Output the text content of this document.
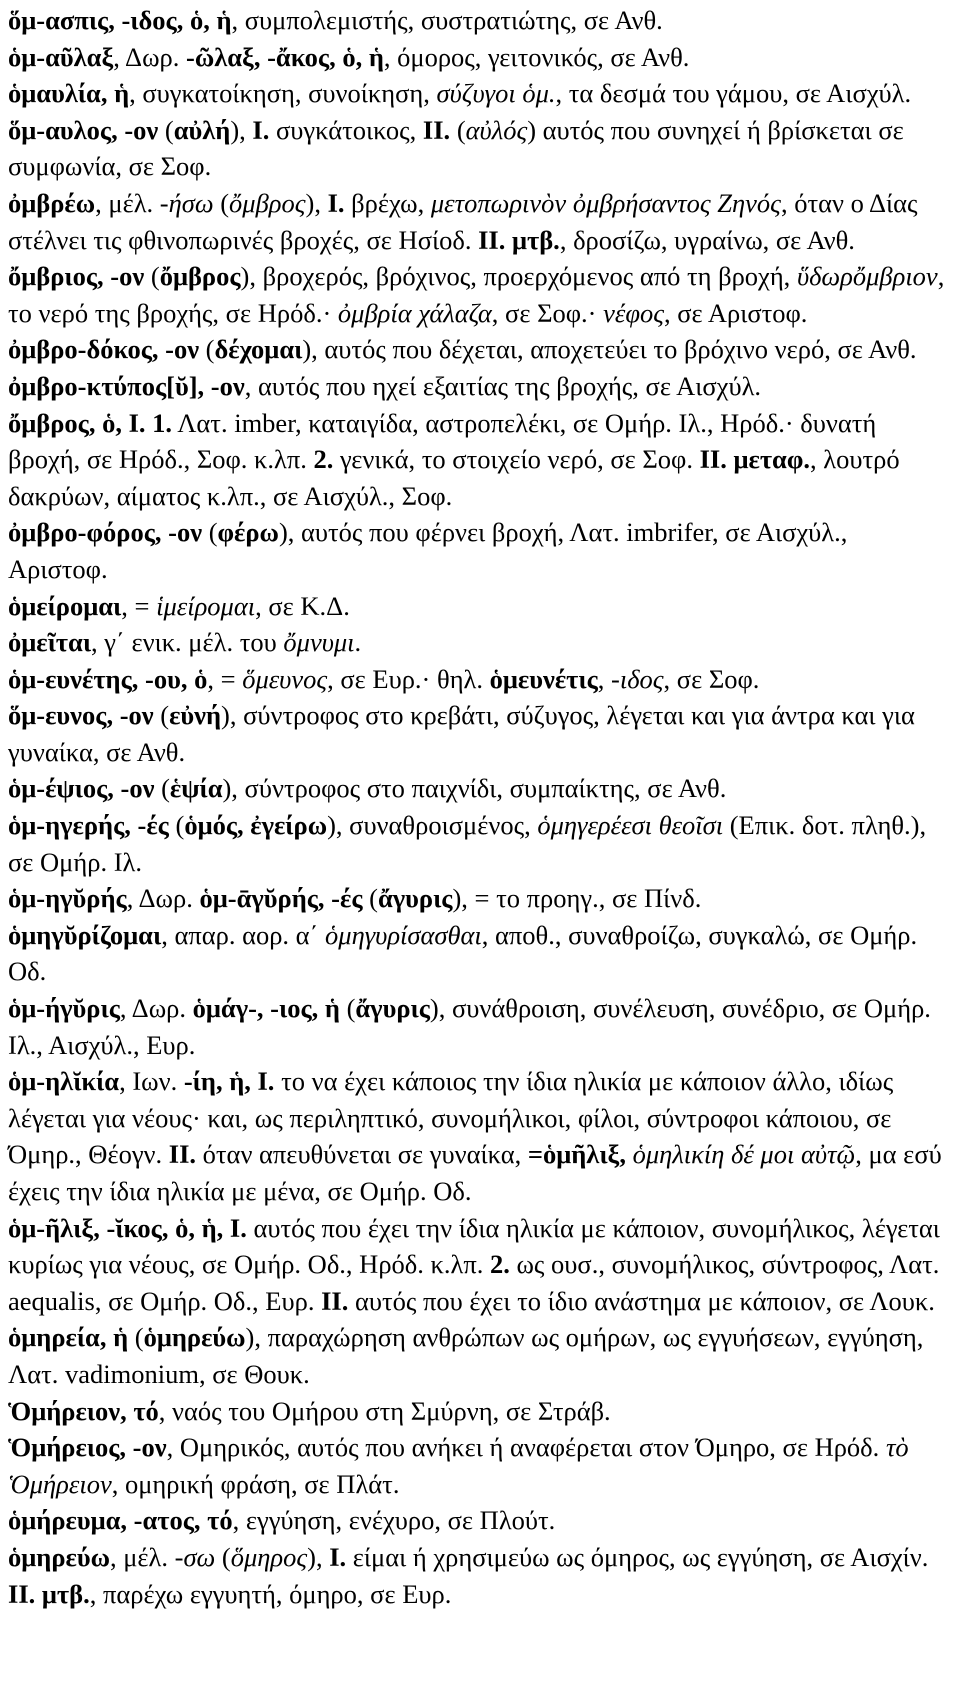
ὅμ-ασπις, -ιδος, ὁ, ἡ, συμπολεμιστής, συστρατιώτης, σε Ανθ.

ὁμ-αῦλαξ, Δωρ. -ῶλαξ, -ἄκος, ὁ, ἡ, όμορος, γειτονικός, σε Ανθ.

ὁμαυλία, ἡ, συγκατοίκηση, συνοίκηση, σύζυγοι ὁμ., τα δεσμά του γάμου, σε Αισχύλ.

ὅμ-αυλος, -ον (αὐλή), Ι. συγκάτοικος, ΙΙ. (αὐλός) αυτός που συνηχεί ή βρίσκεται σε συμφωνία, σε Σοφ.

ὀμβρέω, μέλ. -ήσω (ὄμβρος), Ι. βρέχω, μετοπωρινὸν ὀμβρήσαντος Ζηνός, όταν ο Δίας στέλνει τις φθινοπωρινές βροχές, σε Ησίοδ. ΙΙ. μτβ., δροσίζω, υγραίνω, σε Ανθ.

ὄμβριος, -ον (ὄμβρος), βροχερός, βρόχινος, προερχόμενος από τη βροχή, ὕδωρὄμβριον, το νερό της βροχής, σε Ηρόδ.· ὀμβρία χάλαζα, σε Σοφ.· νέφος, σε Αριστοφ.

ὀμβρο-δόκος, -ον (δέχομαι), αυτός που δέχεται, αποχετεύει το βρόχινο νερό, σε Ανθ.

ὀμβρο-κτύπος[ῠ], -ον, αυτός που ηχεί εξαιτίας της βροχής, σε Αισχύλ.

ὄμβρος, ὁ, Ι. 1. Λατ. imber, καταιγίδα, αστροπελέκι, σε Ομήρ. Ιλ., Ηρόδ.· δυνατή βροχή, σε Ηρόδ., Σοφ. κ.λπ. 2. γενικά, το στοιχείο νερό, σε Σοφ. ΙΙ. μεταφ., λουτρό δακρύων, αίματος κ.λπ., σε Αισχύλ., Σοφ.

ὀμβρο-φόρος, -ον (φέρω), αυτός που φέρνει βροχή, Λατ. imbrifer, σε Αισχύλ., Αριστοφ.

ὁμείρομαι, = ἱμείρομαι, σε Κ.Δ.

ὀμεῖται, γ΄ ενικ. μέλ. του ὄμνυμι.

ὁμ-ευνέτης, -ου, ὁ, = ὅμευνος, σε Ευρ.· θηλ. ὁμευνέτις, -ιδος, σε Σοφ.

ὅμ-ευνος, -ον (εὐνή), σύντροφος στο κρεβάτι, σύζυγος, λέγεται και για άντρα και για γυναίκα, σε Ανθ.

ὁμ-έψιος, -ον (ἑψία), σύντροφος στο παιχνίδι, συμπαίκτης, σε Ανθ.

ὁμ-ηγερής, -ές (ὁμός, ἐγείρω), συναθροισμένος, ὁμηγερέεσι θεοῖσι (Επικ. δοτ. πληθ.), σε Ομήρ. Ιλ.

ὁμ-ηγῠρής, Δωρ. ὁμ-ᾱγῠρής, -ές (ἄγυρις), = το προηγ., σε Πίνδ.

ὁμηγῠρίζομαι, απαρ. αορ. α΄ ὁμηγυρίσασθαι, αποθ., συναθροίζω, συγκαλώ, σε Ομήρ. Οδ.

ὁμ-ήγῠρις, Δωρ. ὁμάγ-, -ιος, ἡ (ἄγυρις), συνάθροιση, συνέλευση, συνέδριο, σε Ομήρ. Ιλ., Αισχύλ., Ευρ.

ὁμ-ηλῐκία, Ιων. -ίη, ἡ, Ι. το να έχει κάποιος την ίδια ηλικία με κάποιον άλλο, ιδίως λέγεται για νέους· και, ως περιληπτικό, συνομήλικοι, φίλοι, σύντροφοι κάποιου, σε Όμηρ., Θέογν. ΙΙ. όταν απευθύνεται σε γυναίκα, =ὁμῆλιξ, ὁμηλικίη δέ μοι αὐτῷ, μα εσύ έχεις την ίδια ηλικία με μένα, σε Ομήρ. Οδ.

ὁμ-ῆλιξ, -ῐκος, ὁ, ἡ, Ι. αυτός που έχει την ίδια ηλικία με κάποιον, συνομήλικος, λέγεται κυρίως για νέους, σε Ομήρ. Οδ., Ηρόδ. κ.λπ. 2. ως ουσ., συνομήλικος, σύντροφος, Λατ. aequalis, σε Ομήρ. Οδ., Ευρ. ΙΙ. αυτός που έχει το ίδιο ανάστημα με κάποιον, σε Λουκ.

ὁμηρεία, ἡ (ὁμηρεύω), παραχώρηση ανθρώπων ως ομήρων, ως εγγυήσεων, εγγύηση, Λατ. vadimonium, σε Θουκ.

Ὁμήρειον, τό, ναός του Ομήρου στη Σμύρνη, σε Στράβ.

Ὁμήρειος, -ον, Ομηρικός, αυτός που ανήκει ή αναφέρεται στον Όμηρο, σε Ηρόδ. τὸ Ὁμήρειον, ομηρική φράση, σε Πλάτ.

ὁμήρευμα, -ατος, τό, εγγύηση, ενέχυρο, σε Πλούτ.

ὁμηρεύω, μέλ. -σω (ὅμηρος), Ι. είμαι ή χρησιμεύω ως όμηρος, ως εγγύηση, σε Αισχίν. ΙΙ. μτβ., παρέχω εγγυητή, όμηρο, σε Ευρ.
